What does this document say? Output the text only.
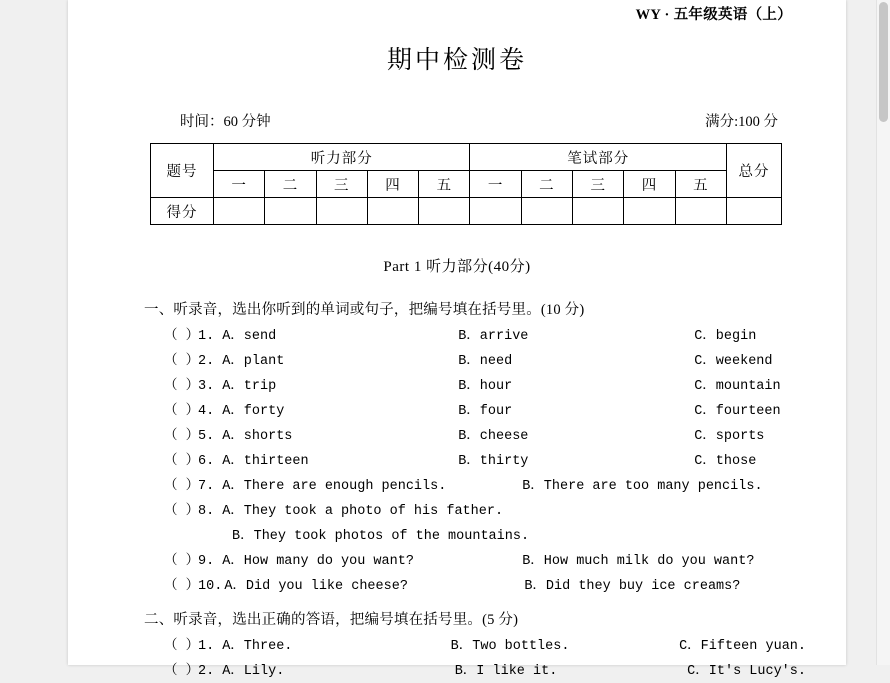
WY · 五年级英语（上）
期中检测卷
时间：60 分钟	满分:100 分
题号	听力部分					笔试部分					总分
	一	二	三	四	五	一	二	三	四	五	
得分											
Part 1 听力部分(40分)
一、听录音，选出你听到的单词或句子，把编号填在括号里。(10 分)
（ ）
1. A．send	B．arrive	C．begin
（ ）
2. A．plant	B．need	C．weekend
（ ）
3. A．trip	B．hour	C．mountain
（ ）
4. A．forty	B．four	C．fourteen
（ ）
5. A．shorts	B．cheese	C．sports
（ ）
6. A．thirteen	B．thirty	C．those
（ ）
7. A．There are enough pencils.	B．There are too many pencils.
（ ）
8. A．They took a photo of his father.
B．They took photos of the mountains.
（ ）
9. A．How many do you want?	B．How much milk do you want?
（ ）
10. A．Did you like cheese?	B．Did they buy ice creams?
二、听录音，选出正确的答语，把编号填在括号里。(5 分)
（ ）
1. A．Three.	B．Two bottles.	C．Fifteen yuan.
（ ）
2. A．Lily.	B．I like it.	C．It's Lucy's.
